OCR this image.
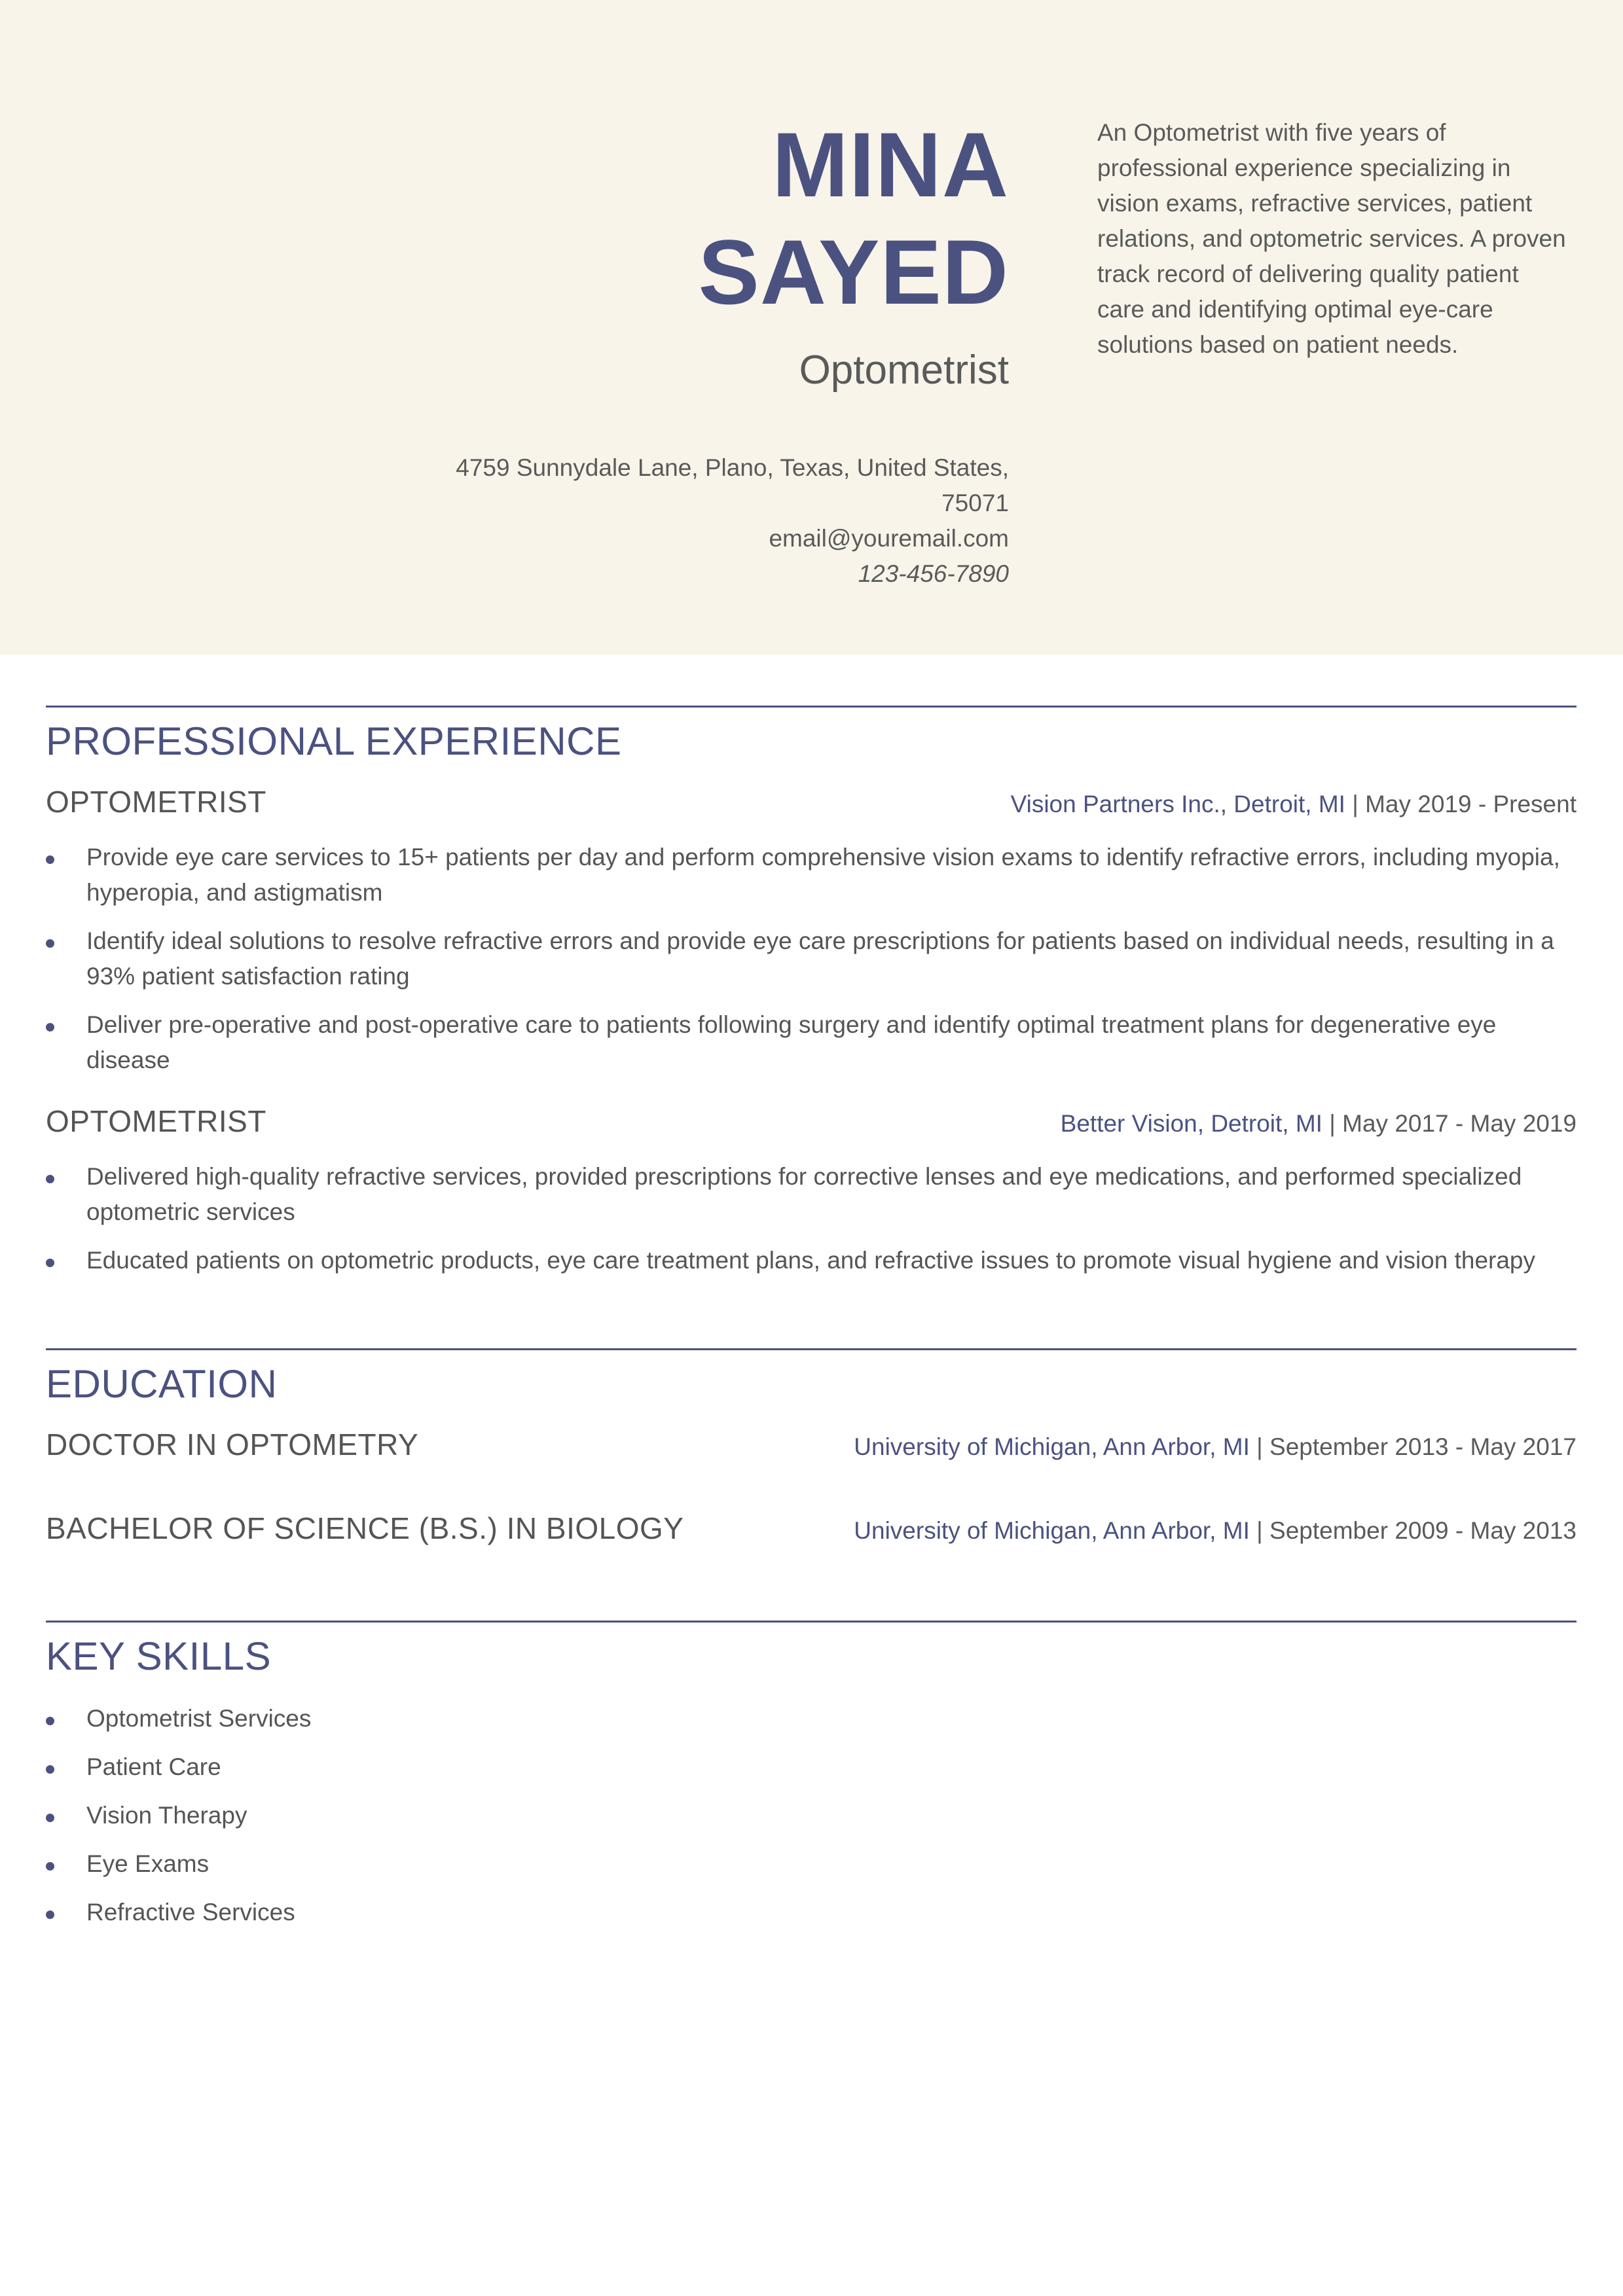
MINA
SAYED
Optometrist
4759 Sunnydale Lane, Plano, Texas, United States, 75071
email@youremail.com
123-456-7890
An Optometrist with five years of professional experience specializing in vision exams, refractive services, patient relations, and optometric services. A proven track record of delivering quality patient care and identifying optimal eye-care solutions based on patient needs.
PROFESSIONAL EXPERIENCE
OPTOMETRIST	Vision Partners Inc., Detroit, MI | May 2019 - Present
Provide eye care services to 15+ patients per day and perform comprehensive vision exams to identify refractive errors, including myopia, hyperopia, and astigmatism
Identify ideal solutions to resolve refractive errors and provide eye care prescriptions for patients based on individual needs, resulting in a 93% patient satisfaction rating
Deliver pre-operative and post-operative care to patients following surgery and identify optimal treatment plans for degenerative eye disease
OPTOMETRIST	Better Vision, Detroit, MI | May 2017 - May 2019
Delivered high-quality refractive services, provided prescriptions for corrective lenses and eye medications, and performed specialized optometric services
Educated patients on optometric products, eye care treatment plans, and refractive issues to promote visual hygiene and vision therapy
EDUCATION
DOCTOR IN OPTOMETRY	University of Michigan, Ann Arbor, MI | September 2013 - May 2017
BACHELOR OF SCIENCE (B.S.) IN BIOLOGY	University of Michigan, Ann Arbor, MI | September 2009 - May 2013
KEY SKILLS
Optometrist Services
Patient Care
Vision Therapy
Eye Exams
Refractive Services
